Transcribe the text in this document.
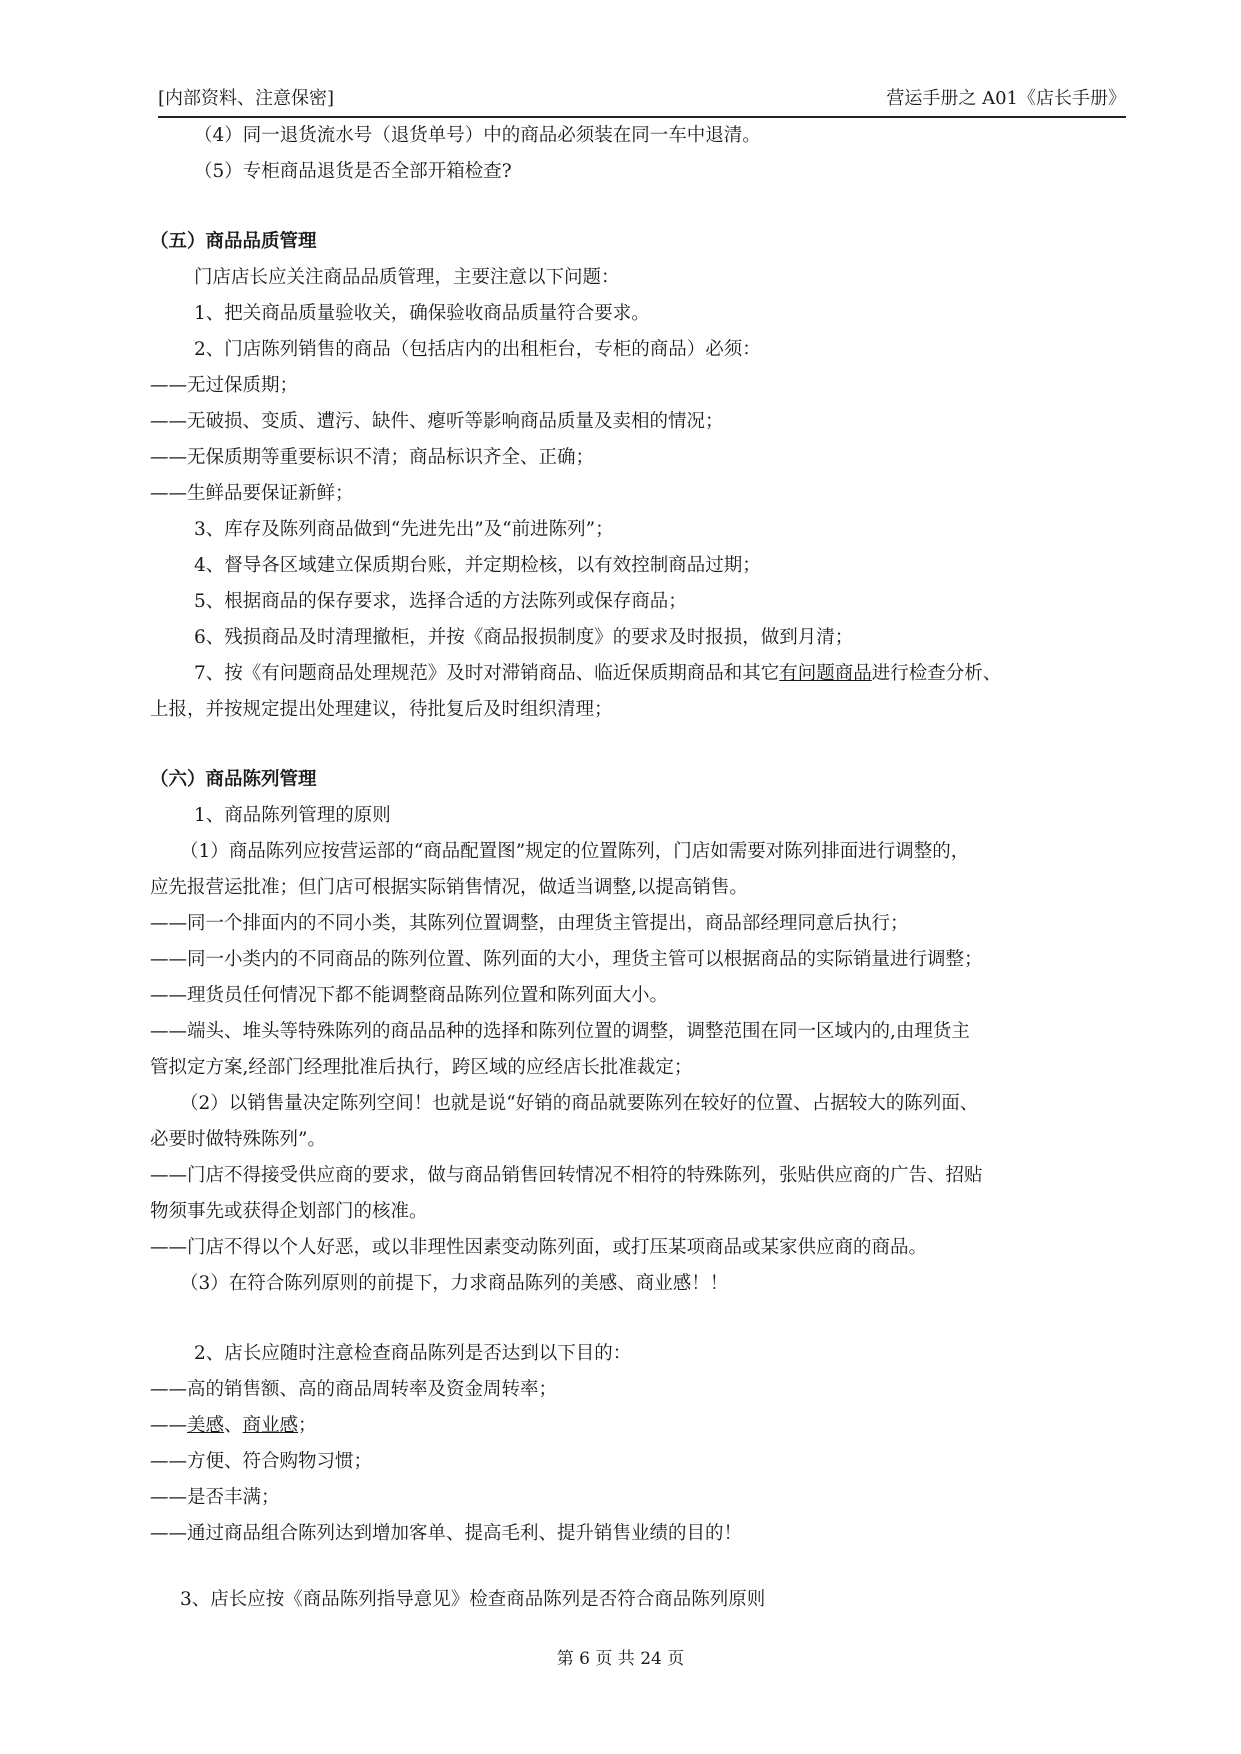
[内部资料、注意保密]	营运手册之 A01《店长手册》
（4）同一退货流水号（退货单号）中的商品必须装在同一车中退清。
（5）专柜商品退货是否全部开箱检查?
（五）商品品质管理
门店店长应关注商品品质管理，主要注意以下问题：
1、把关商品质量验收关，确保验收商品质量符合要求。
2、门店陈列销售的商品（包括店内的出租柜台，专柜的商品）必须：
——无过保质期；
——无破损、变质、遭污、缺件、瘪听等影响商品质量及卖相的情况；
——无保质期等重要标识不清；商品标识齐全、正确；
——生鲜品要保证新鲜；
3、库存及陈列商品做到“先进先出”及“前进陈列”；
4、督导各区域建立保质期台账，并定期检核，以有效控制商品过期；
5、根据商品的保存要求，选择合适的方法陈列或保存商品；
6、残损商品及时清理撤柜，并按《商品报损制度》的要求及时报损，做到月清；
7、按《有问题商品处理规范》及时对滞销商品、临近保质期商品和其它有问题商品进行检查分析、
上报，并按规定提出处理建议，待批复后及时组织清理；
（六）商品陈列管理
1、商品陈列管理的原则
（1）商品陈列应按营运部的“商品配置图”规定的位置陈列，门店如需要对陈列排面进行调整的，
应先报营运批准；但门店可根据实际销售情况，做适当调整,以提高销售。
——同一个排面内的不同小类，其陈列位置调整，由理货主管提出，商品部经理同意后执行；
——同一小类内的不同商品的陈列位置、陈列面的大小，理货主管可以根据商品的实际销量进行调整；
——理货员任何情况下都不能调整商品陈列位置和陈列面大小。
——端头、堆头等特殊陈列的商品品种的选择和陈列位置的调整，调整范围在同一区域内的,由理货主
管拟定方案,经部门经理批准后执行，跨区域的应经店长批准裁定；
（2）以销售量决定陈列空间！也就是说“好销的商品就要陈列在较好的位置、占据较大的陈列面、
必要时做特殊陈列”。
——门店不得接受供应商的要求，做与商品销售回转情况不相符的特殊陈列，张贴供应商的广告、招贴
物须事先或获得企划部门的核准。
——门店不得以个人好恶，或以非理性因素变动陈列面，或打压某项商品或某家供应商的商品。
（3）在符合陈列原则的前提下，力求商品陈列的美感、商业感！！
2、店长应随时注意检查商品陈列是否达到以下目的：
——高的销售额、高的商品周转率及资金周转率；
——美感、商业感；
——方便、符合购物习惯；
——是否丰满；
——通过商品组合陈列达到增加客单、提高毛利、提升销售业绩的目的！
3、店长应按《商品陈列指导意见》检查商品陈列是否符合商品陈列原则
第 6 页 共 24 页
